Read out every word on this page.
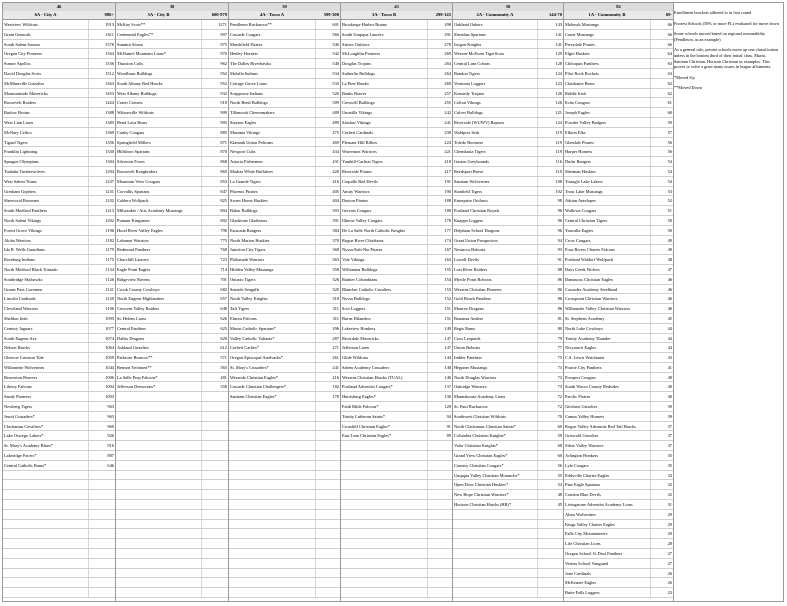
46
6A - City A	986+
Westview Wildcats	1913
Grant Generals	1611
South Salem Saxons	1578
Oregon City Pioneers	1564
Sunset Apollos	1536
David Douglas Scots	1512
McMinnville Grizzlies	1463
Mountainside Mavericks	1453
Roosevelt Raiders	1424
Barlow Bruins	1388
West Linn Lions	1385
McNary Celtics	1369
Tigard Tigers	1356
Franklin Lightning	1330
Sprague Olympians	1304
Tualatin Timberwolves	1294
West Salem Titans	1237
Gresham Gophers	1231
Sherwood Bowmen	1232
South Medford Panthers	1213
North Salem Vikings	1202
Forest Grove Vikings	1196
Aloha Warriors	1182
Ida B. Wells Guardians	1179
Roseburg Indians	1175
North Medford Black Tornado	1134
Southridge Skyhawks	1126
Grants Pass Cavemen	1121
Lincoln Cardinals	1120
Cleveland Warriors	1106
Sheldon Irish	1095
Century Jaguars	1077
South Eugene Axe	1074
Nelson Hawks	1064
Glencoe Crimson Tide	1059
Willamette Wolverines	1044
Beaverton Beavers	1006
Liberty Falcons	1004
Sandy Pioneers	1003
Newberg Tigers	963
Jesuit Crusaders*	963
Clackamas Cavaliers*	960
Lake Oswego Lakers*	926
St. Mary's Academy Blues*	916
Lakeridge Pacers*	887
Central Catholic Rams*	646
38
5A - City B	600-979
McKay Scots**	1271
Centennial Eagles**	997
Summit Storm	975
McDaniel Mountain Lions*	970
Thurston Colts	962
Woodburn Bulldogs	952
South Albany Red Hawks	952
West Albany Bulldogs	932
Crater Comets	918
Wilsonville Wildcats	909
Bend Lava Bears	905
Canby Cougars	885
Springfield Millers	871
Hillsboro Spartans	870
Silverton Foxes	868
Roosevelt Roughriders	865
Mountain View Cougars	853
Corvallis Spartans	847
Caldera Wolfpack	825
Milwaukie / Arts Academy Mustangs	804
Putnam Kingsmen	802
Hood River Valley Eagles	798
Lebanon Warriors	775
Redmond Panthers	768
Churchill Lancers	723
Eagle Point Eagles	714
Ridgeview Ravens	701
Crook County Cowboys	682
North Eugene Highlanders	657
Crescent Valley Raiders	648
St. Helens Lions	626
Central Panthers	625
Dallas Dragons	620
Ashland Grizzlies	612
Parkrose Broncos**	571
Benson Techmen**	565
La Salle Prep Falcons*	481
Jefferson Democrats*	358
39
4A - Town A	599-300
Pendleton Buckaroos**	601
Cascade Cougars	566
Marshfield Pirates	546
Henley Hornets	542
The Dalles Riverhawks	540
Molalla Indians	534
Cottage Grove Lions	533
Scappoose Indians	526
North Bend Bulldogs	509
Tillamook Cheesemakers	489
Stayton Eagles	489
Mazama Vikings	475
Klamath Union Pelicans	469
Newport Cubs	434
Astoria Fishermen	431
Madras White Buffaloes	420
La Grande Tigers	416
Phoenix Pirates	405
Sweet Home Huskies	404
Baker Bulldogs	393
Gladstone Gladiators	391
Estacada Rangers	384
North Marion Huskies	370
Junction City Tigers	368
Philomath Warriors	363
Hidden Valley Mustangs	358
Ontario Tigers	326
Seaside Seagulls	320
North Valley Knights	318
Taft Tigers	311
Elmira Falcons	311
Marist Catholic Spartans*	296
Valley Catholic Valiants*	287
Corbett Carlies*	271
Oregon Episcopal Aardvarks*	261
St. Mary's Crusaders*	241
Westside Christian Eagles*	216
Cascade Christian Challengers*	182
Santiam Christian Eagles*	178
43
3A - Town B	299-145
Brookings-Harbor Bruins	298
South Umpqua Lancers	291
Sisters Outlaws	278
McLoughlin Pioneers	269
Douglas Trojans	264
Sutherlin Bulldogs	264
La Pine Hawks	260
Banks Braves	257
Creswell Bulldogs	255
Umatilla Vikings	242
Siuslaw Vikings	241
Corbett Cardinals	238
Pleasant Hill Billies	224
Warrenton Warriors	221
Yamhill-Carlton Tigers	218
Riverside Pirates	217
Coquille Red Devils	191
Amity Warriors	190
Dayton Pirates	188
Gervais Cougars	180
Illinois Valley Cougars	178
De La Salle North Catholic Knights	177
Rogue River Chieftains	174
Nyssa-Kah-Nie Pirates	167
Vale Vikings	163
Willamina Bulldogs	155
Rainier Columbians	154
Blanchet Catholic Cavaliers	153
Nyssa Bulldogs	152
Scio Loggers	151
Burns Hilanders	151
Lakeview Honkers	149
Riverdale Mavericks	147
Jefferson Lions	147
Glide Wildcats	144
Salem Academy Crusaders	140
Western Christian Hawks (TUAL)	146
Portland Adventist Cougars*	137
Harrisburg Eagles*	136
Faith Bible Falcons*	128
Trinity Lutheran Saints*	94
Crosshill Christian Eagles*	91
East Linn Christian Eagles*	89
50
2A - Community A	144-70
Oakland Oakers	143
Sheridan Spartans	141
Irrigon Knights	141
Weston-McEwen TigerScots	129
Central Linn Cobras	128
Bandon Tigers	124
Vernonia Loggers	123
Kennedy Trojans	126
Colton Vikings	126
Culver Bulldogs	121
Riverside (WUWV) Raptors	124
Waldport Irish	119
Toledo Boomers	119
Chemkasta Tigers	119
Gaston Greyhounds	116
Reedsport Brave	110
Santiam Wolverines	108
Stanfield Tigers	102
Enterprise Outlaws	98
Portland Christian Royals	96
Knappa Loggers	96
Delphian School Dragons	96
Grant Union Prospectors	94
Nestucca Bobcats	93
Lowell Devils	91
Lost River Raiders	88
Myrtle Point Bobcats	86
Western Christian Pioneers	86
Gold Beach Panthers	86
Monroe Dragons	86
Bonanza Antlers	81
Regis Rams	80
Coos Leopards	79
Union Bobcats	77
Imbler Panthers	75
Heppner Mustangs	73
North Douglas Warriors	73
Oakridge Warriors	73
Mannahouse Academy Lions	72
St. Paul Buckaroos	72
Southwest Christian Wildcats	70
North Clackamas Christian Saints*	60
Columbia Christian Knights*	59
Valor Christian Knights*	68
Grand View Christian Eagles*	60
Country Christian Cougars*	56
Umpqua Valley Christian Monarchs*	55
Open Door Christian Huskies*	54
New Hope Christian Warriors*	48
Horizon Christian Hawks (HR)*	45
82
1A - Community B	69-
Mohawk Mustangs	66
Crane Mustangs	66
Perrydale Pirates	66
Elgin Huskies	64
Chiloquin Panthers	63
Pilot Rock Rockets	63
Clatskanie Bears	62
Riddle Irish	62
Echo Cougars	61
Joseph Eagles	60
Powder Valley Badgers	59
Elkton Elks	57
Glendale Pirates	56
Harper Hornets	56
Dufur Rangers	54
Sherman Huskies	54
Triangle Lake Lakers	54
Trout Lake Mustangs	53
Adrian Antelopes	52
Wallowa Cougars	51
Central Christian Tigers	50
Yoncalla Eagles	50
Crow Cougars	49
Four Rivers Charter Falcons	49
Portland Waldorf Wolfpack	48
Days Creek Wolves	47
Damascus Christian Eagles	46
Cascades Academy Steelhead	46
Crosspoint Christian Warriors	46
Willamette Valley Christian Warriors	46
St. Stephens Academy	45
North Lake Cowboys	44
Trinity Academy Thunder	44
Nixyaawii Eagles	44
C.S. Lewis Watchmen	43
Prairie City Panthers	41
Prospect Cougars	40
South Wasco County Redsides	40
Pacific Pirates	40
Gilchrist Grizzlies	39
Camas Valley Hornets	39
Rogue Valley Adventist Red Tail Hawks	37
Griswold Grizzlies	37
Siletz Valley Warriors	37
Arlington Honkers	35
Lyle Cougars	35
Eddyville Charter Eagles	33
Pine Eagle Spartans	32
Condon Blue Devils	32
Livingstone Adventist Academy Lions	31
Alsea Wolverines	29
Kings Valley Charter Eagles	29
Falls City Mountaineers	29
Life Christian Lions	28
Oregon School f/t Deaf Panthers	27
Veritas School Vanguard	27
Jone Cardinals	26
McKenzie Eagles	26
Butte Falls Loggers	23

Enrollment brackets adhered to in first round

Poorest Schools (50% or more FL) evaluated for move down

Some schools moved based on regional reasonability (Pendleton, as an example)

As a general rule, private schools move up one classification unless in the bottom third of their initial class. Marist, Santiam Christian, Horizon Christian as examples. This proves to solve a great many issues in league allotments.

*Moved Up

**Moved Down
